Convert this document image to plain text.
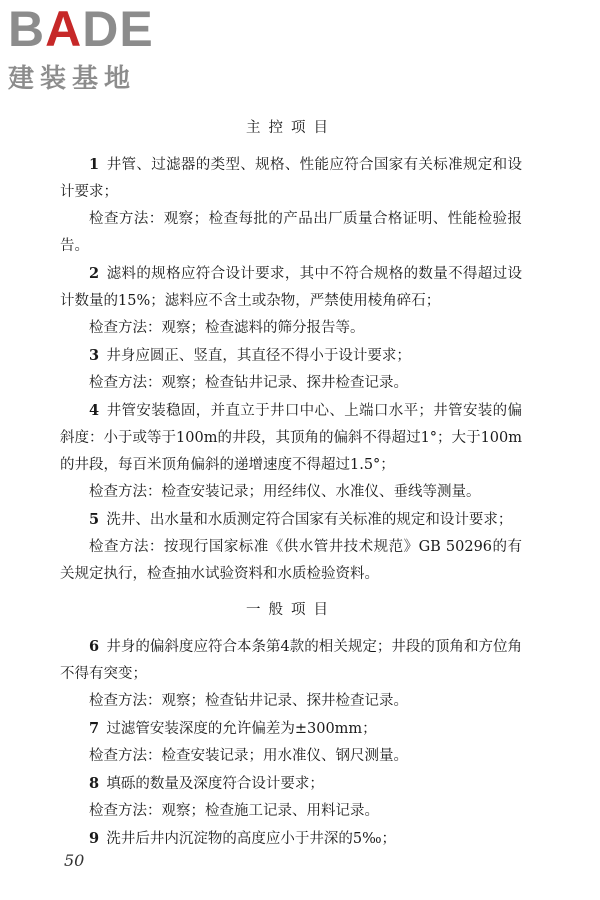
BADE
建装基地
主控项目

1  井管、过滤器的类型、规格、性能应符合国家有关标准规定和设计要求；

检查方法：观察；检查每批的产品出厂质量合格证明、性能检验报告。

2  滤料的规格应符合设计要求，其中不符合规格的数量不得超过设计数量的15%；滤料应不含土或杂物，严禁使用棱角碎石；

检查方法：观察；检查滤料的筛分报告等。

3  井身应圆正、竖直，其直径不得小于设计要求；

检查方法：观察；检查钻井记录、探井检查记录。

4  井管安装稳固，并直立于井口中心、上端口水平；井管安装的偏斜度：小于或等于100m的井段，其顶角的偏斜不得超过1°；大于100m的井段，每百米顶角偏斜的递增速度不得超过1.5°；

检查方法：检查安装记录；用经纬仪、水准仪、垂线等测量。

5  洗井、出水量和水质测定符合国家有关标准的规定和设计要求；

检查方法：按现行国家标准《供水管井技术规范》GB 50296的有关规定执行，检查抽水试验资料和水质检验资料。

一般项目

6  井身的偏斜度应符合本条第4款的相关规定；井段的顶角和方位角不得有突变；

检查方法：观察；检查钻井记录、探井检查记录。

7  过滤管安装深度的允许偏差为±300mm；

检查方法：检查安装记录；用水准仪、钢尺测量。

8  填砾的数量及深度符合设计要求；

检查方法：观察；检查施工记录、用料记录。

9  洗井后井内沉淀物的高度应小于井深的5‰；

50
